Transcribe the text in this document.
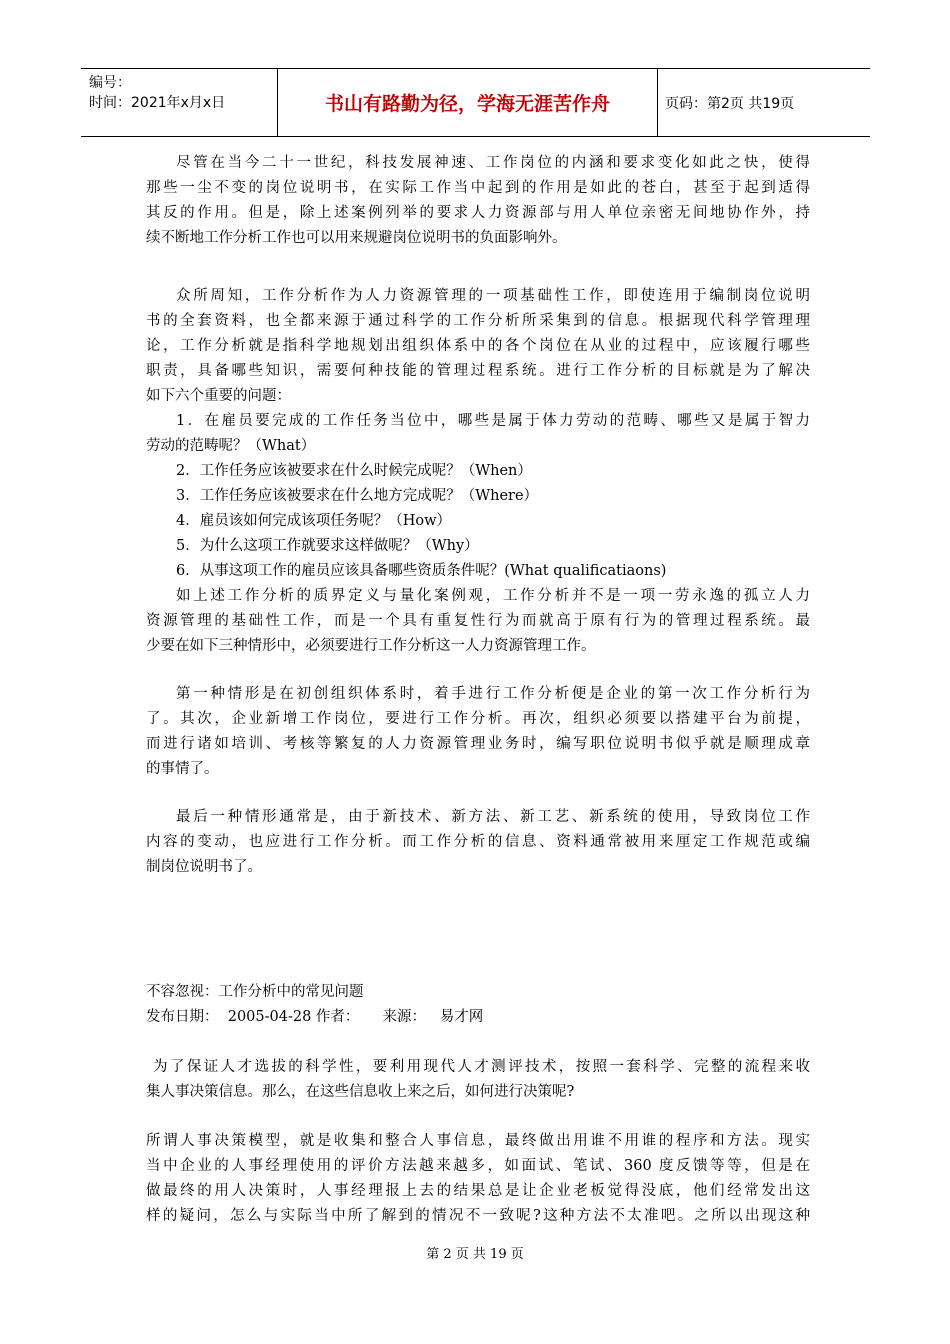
编号：
时间：2021年x月x日	书山有路勤为径，学海无涯苦作舟	页码：第2页 共19页
尽管在当今二十一世纪，科技发展神速、工作岗位的内涵和要求变化如此之快，使得
那些一尘不变的岗位说明书，在实际工作当中起到的作用是如此的苍白，甚至于起到适得
其反的作用。但是，除上述案例列举的要求人力资源部与用人单位亲密无间地协作外，持
续不断地工作分析工作也可以用来规避岗位说明书的负面影响外。
众所周知，工作分析作为人力资源管理的一项基础性工作，即使连用于编制岗位说明
书的全套资料，也全都来源于通过科学的工作分析所采集到的信息。根据现代科学管理理
论，工作分析就是指科学地规划出组织体系中的各个岗位在从业的过程中，应该履行哪些
职责，具备哪些知识，需要何种技能的管理过程系统。进行工作分析的目标就是为了解决
如下六个重要的问题：
1．在雇员要完成的工作任务当位中，哪些是属于体力劳动的范畴、哪些又是属于智力
劳动的范畴呢？（What）
2．工作任务应该被要求在什么时候完成呢？（When）
3．工作任务应该被要求在什么地方完成呢？（Where）
4．雇员该如何完成该项任务呢？（How）
5．为什么这项工作就要求这样做呢？（Why）
6．从事这项工作的雇员应该具备哪些资质条件呢？(What qualificatiaons)
如上述工作分析的质界定义与量化案例观，工作分析并不是一项一劳永逸的孤立人力
资源管理的基础性工作，而是一个具有重复性行为而就高于原有行为的管理过程系统。最
少要在如下三种情形中，必须要进行工作分析这一人力资源管理工作。
第一种情形是在初创组织体系时，着手进行工作分析便是企业的第一次工作分析行为
了。其次，企业新增工作岗位，要进行工作分析。再次，组织必须要以搭建平台为前提，
而进行诸如培训、考核等繁复的人力资源管理业务时，编写职位说明书似乎就是顺理成章
的事情了。
最后一种情形通常是，由于新技术、新方法、新工艺、新系统的使用，导致岗位工作
内容的变动，也应进行工作分析。而工作分析的信息、资料通常被用来厘定工作规范或编
制岗位说明书了。
不容忽视：工作分析中的常见问题
发布日期：  2005-04-28 作者：     来源：   易才网
为了保证人才选拔的科学性，要利用现代人才测评技术，按照一套科学、完整的流程来收
集人事决策信息。那么，在这些信息收上来之后，如何进行决策呢?
所谓人事决策模型，就是收集和整合人事信息，最终做出用谁不用谁的程序和方法。现实
当中企业的人事经理使用的评价方法越来越多，如面试、笔试、360 度反馈等等，但是在
做最终的用人决策时，人事经理报上去的结果总是让企业老板觉得没底，他们经常发出这
样的疑问，怎么与实际当中所了解到的情况不一致呢?这种方法不太准吧。之所以出现这种
第 2 页 共 19 页
